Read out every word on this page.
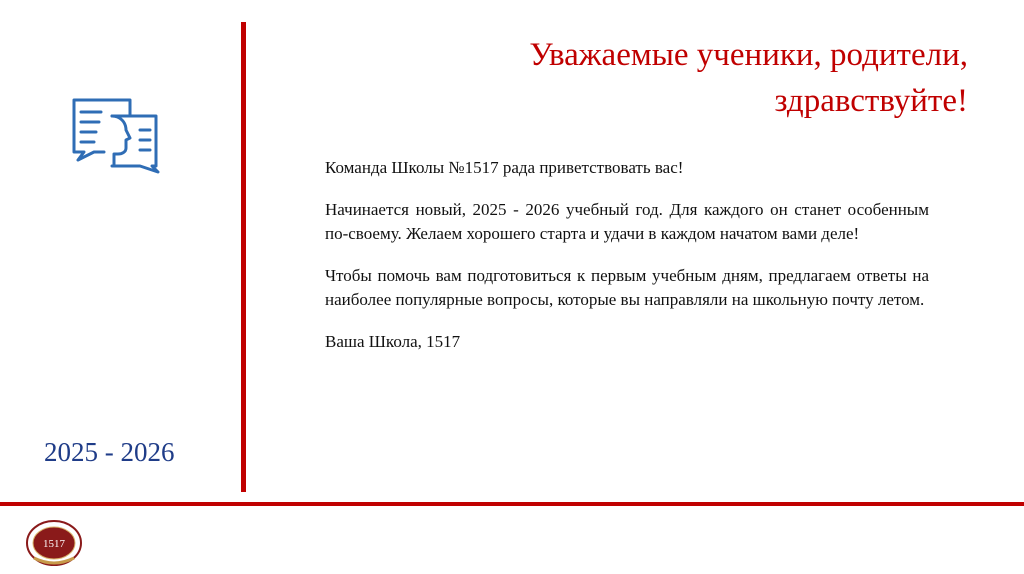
2025 - 2026
Уважаемые ученики, родители,
здравствуйте!

Команда Школы №1517 рада приветствовать вас!

Начинается новый, 2025 - 2026 учебный год. Для каждого он станет особенным по-своему. Желаем хорошего старта и удачи в каждом начатом вами деле!

Чтобы помочь вам подготовиться к первым учебным дням, предлагаем ответы на наиболее популярные вопросы, которые вы направляли на школьную почту летом.

Ваша Школа, 1517

1517
